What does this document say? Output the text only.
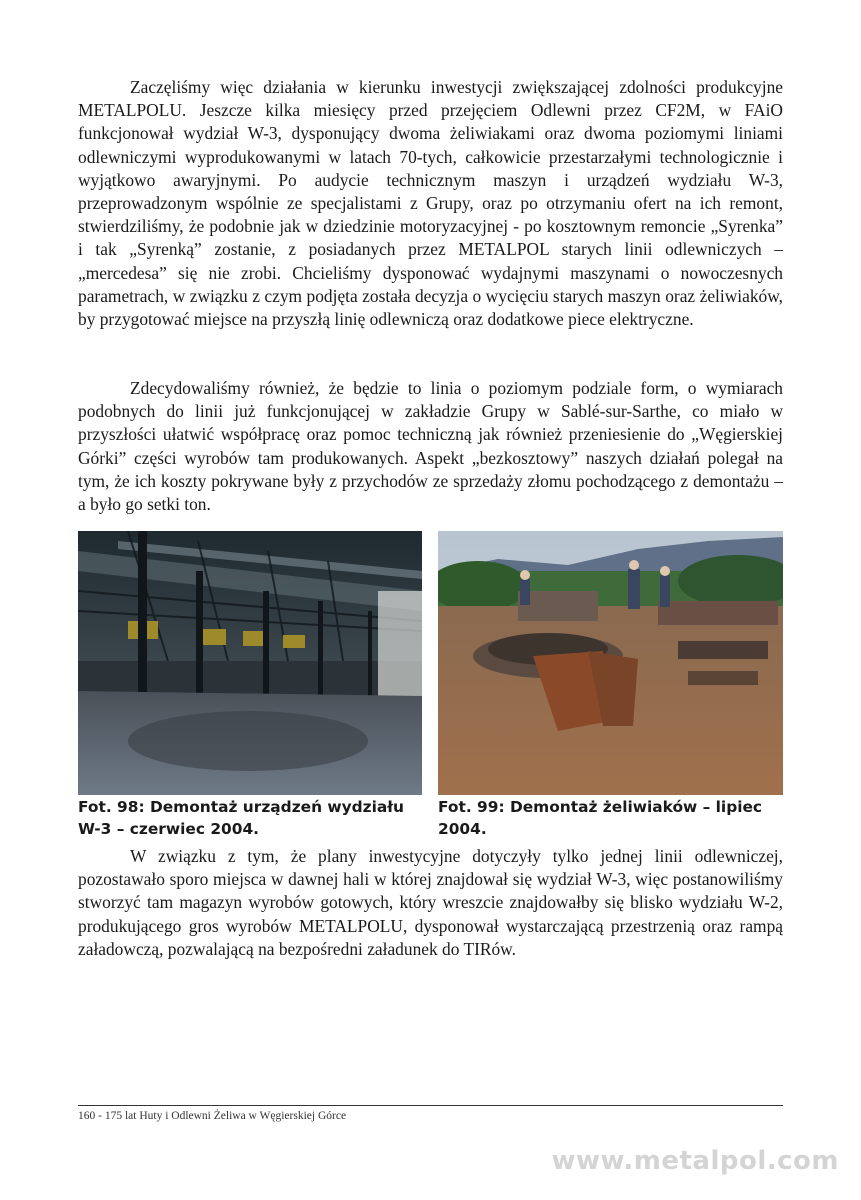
Zaczęliśmy więc działania w kierunku inwestycji zwiększającej zdolności produkcyjne METALPOLU. Jeszcze kilka miesięcy przed przejęciem Odlewni przez CF2M, w FAiO funkcjonował wydział W-3, dysponujący dwoma żeliwiakami oraz dwoma poziomymi liniami odlewniczymi wyprodukowanymi w latach 70-tych, całkowicie przestarzałymi technologicznie i wyjątkowo awaryjnymi. Po audycie technicznym maszyn i urządzeń wydziału W-3, przeprowadzonym wspólnie ze specjalistami z Grupy, oraz po otrzymaniu ofert na ich remont, stwierdziliśmy, że podobnie jak w dziedzinie motoryzacyjnej - po kosztownym remoncie „Syrenka” i tak „Syrenką” zostanie, z posiadanych przez METALPOL starych linii odlewniczych – „mercedesa” się nie zrobi. Chcieliśmy dysponować wydajnymi maszynami o nowoczesnych parametrach, w związku z czym podjęta została decyzja o wycięciu starych maszyn oraz żeliwiaków, by przygotować miejsce na przyszłą linię odlewniczą oraz dodatkowe piece elektryczne.

Zdecydowaliśmy również, że będzie to linia o poziomym podziale form, o wymiarach podobnych do linii już funkcjonującej w zakładzie Grupy w Sablé-sur-Sarthe, co miało w przyszłości ułatwić współpracę oraz pomoc techniczną jak również przeniesienie do „Węgierskiej Górki” części wyrobów tam produkowanych. Aspekt „bezkosztowy” naszych działań polegał na tym, że ich koszty pokrywane były z przychodów ze sprzedaży złomu pochodzącego z demontażu – a było go setki ton.

Fot. 98: Demontaż urządzeń wydziału W-3 – czerwiec 2004.

Fot. 99: Demontaż żeliwiaków – lipiec 2004.

W związku z tym, że plany inwestycyjne dotyczyły tylko jednej linii odlewniczej, pozostawało sporo miejsca w dawnej hali w której znajdował się wydział W-3, więc postanowiliśmy stworzyć tam magazyn wyrobów gotowych, który wreszcie znajdowałby się blisko wydziału W-2, produkującego gros wyrobów METALPOLU, dysponował wystarczającą przestrzenią oraz rampą załadowczą, pozwalającą na bezpośredni załadunek do TIRów.

160 - 175 lat Huty i Odlewni Żeliwa w Węgierskiej Górce
www.metalpol.com
